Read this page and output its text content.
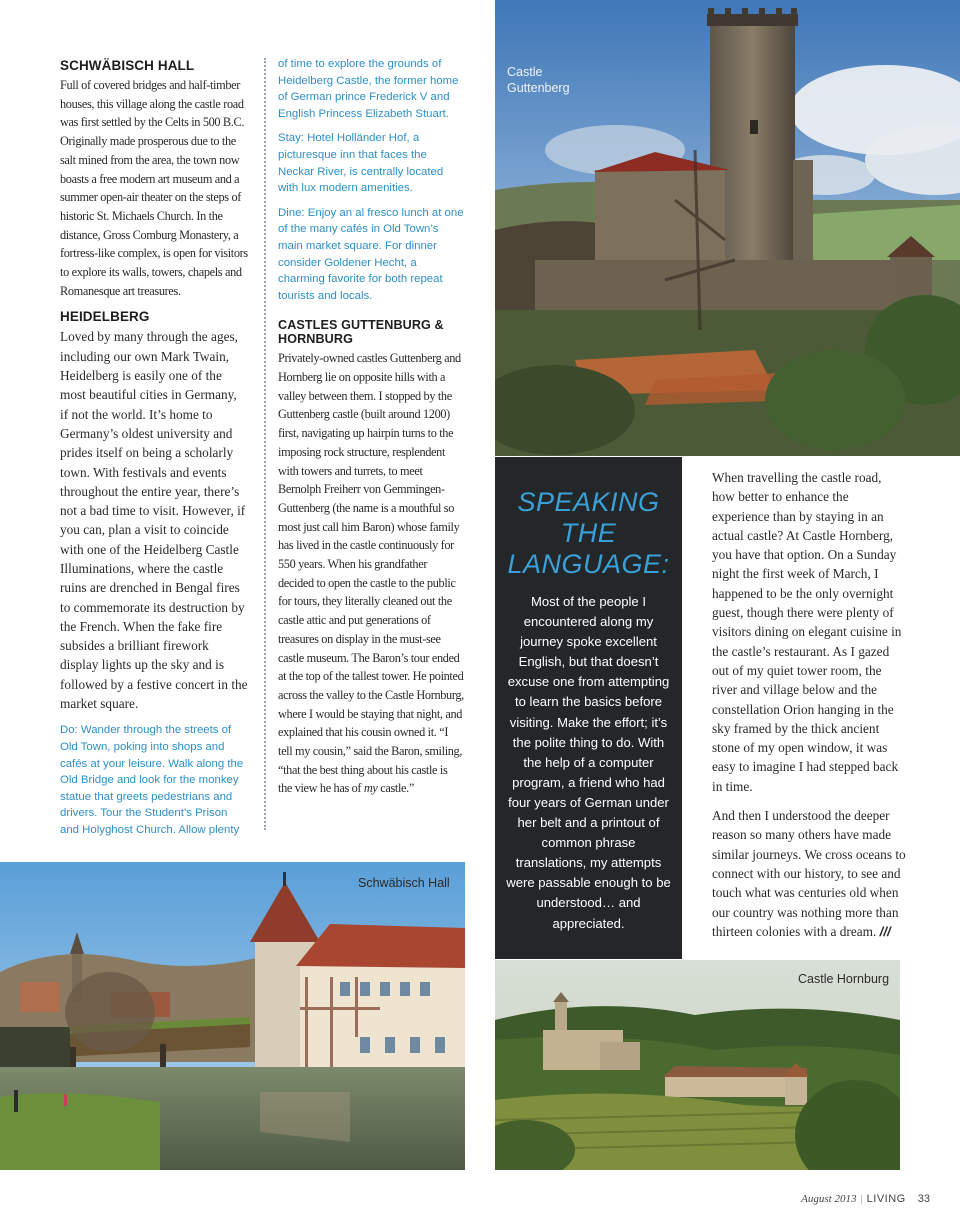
SCHWÄBISCH HALL

Full of covered bridges and half-timber houses, this village along the castle road was first settled by the Celts in 500 B.C. Originally made prosperous due to the salt mined from the area, the town now boasts a free modern art museum and a summer open-air theater on the steps of historic St. Michaels Church. In the distance, Gross Comburg Monastery, a fortress-like complex, is open for visitors to explore its walls, towers, chapels and Romanesque art treasures.

HEIDELBERG

Loved by many through the ages, including our own Mark Twain, Heidelberg is easily one of the most beautiful cities in Germany, if not the world. It’s home to Germany’s oldest university and prides itself on being a scholarly town. With festivals and events throughout the entire year, there’s not a bad time to visit. However, if you can, plan a visit to coincide with one of the Heidelberg Castle Illuminations, where the castle ruins are drenched in Bengal fires to commemorate its destruction by the French. When the fake fire subsides a brilliant firework display lights up the sky and is followed by a festive concert in the market square.

Do: Wander through the streets of Old Town, poking into shops and cafés at your leisure. Walk along the Old Bridge and look for the monkey statue that greets pedestrians and drivers. Tour the Student’s Prison and Holyghost Church. Allow plenty

of time to explore the grounds of Heidelberg Castle, the former home of German prince Frederick V and English Princess Elizabeth Stuart.

Stay: Hotel Holländer Hof, a picturesque inn that faces the Neckar River, is centrally located with lux modern amenities.

Dine: Enjoy an al fresco lunch at one of the many cafés in Old Town’s main market square. For dinner consider Goldener Hecht, a charming favorite for both repeat tourists and locals.

CASTLES GUTTENBURG & HORNBURG

Privately-owned castles Guttenberg and Hornberg lie on opposite hills with a valley between them. I stopped by the Guttenberg castle (built around 1200) first, navigating up hairpin turns to the imposing rock structure, resplendent with towers and turrets, to meet Bernolph Freiherr von Gemmingen-Guttenberg (the name is a mouthful so most just call him Baron) whose family has lived in the castle continuously for 550 years. When his grandfather decided to open the castle to the public for tours, they literally cleaned out the castle attic and put generations of treasures on display in the must-see castle museum. The Baron’s tour ended at the top of the tallest tower. He pointed across the valley to the Castle Hornburg, where I would be staying that night, and explained that his cousin owned it. “I tell my cousin,” said the Baron, smiling, “that the best thing about his castle is the view he has of my castle.”

Castle
Guttenberg
SPEAKING THE
LANGUAGE:

Most of the people I encountered along my journey spoke excellent English, but that doesn’t excuse one from attempting to learn the basics before visiting. Make the effort; it’s the polite thing to do. With the help of a computer program, a friend who had four years of German under her belt and a printout of common phrase translations, my attempts were passable enough to be understood… and appreciated.

When travelling the castle road, how better to enhance the experience than by staying in an actual castle? At Castle Hornberg, you have that option. On a Sunday night the first week of March, I happened to be the only overnight guest, though there were plenty of visitors dining on elegant cuisine in the castle’s restaurant. As I gazed out of my quiet tower room, the river and village below and the constellation Orion hanging in the sky framed by the thick ancient stone of my open window, it was easy to imagine I had stepped back in time.

And then I understood the deeper reason so many others have made similar journeys. We cross oceans to connect with our history, to see and touch what was centuries old when our country was nothing more than thirteen colonies with a dream. ///

Schwäbisch Hall
Castle Hornburg
August 2013 | LIVING 33
